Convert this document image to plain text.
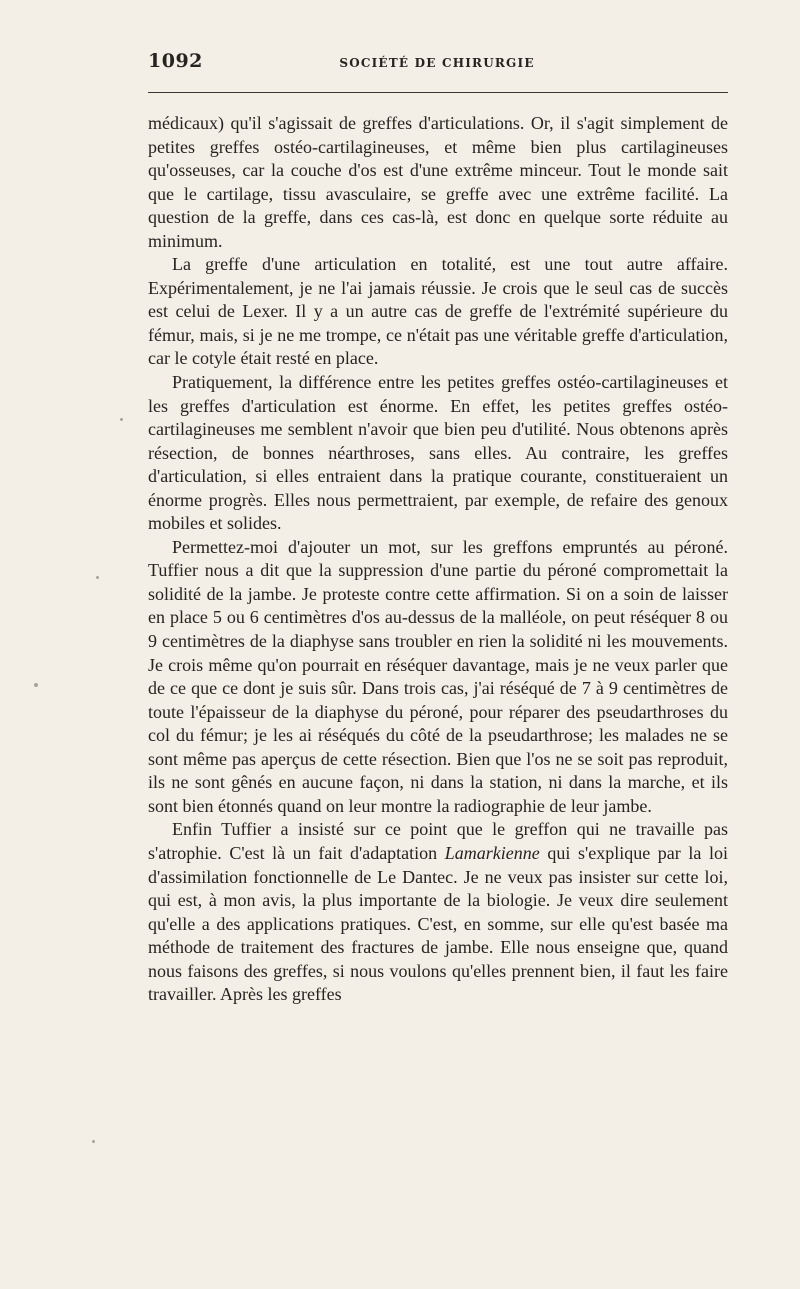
1092	SOCIÉTÉ DE CHIRURGIE

médicaux) qu'il s'agissait de greffes d'articulations. Or, il s'agit simplement de petites greffes ostéo-cartilagineuses, et même bien plus cartilagineuses qu'osseuses, car la couche d'os est d'une extrême minceur. Tout le monde sait que le cartilage, tissu avasculaire, se greffe avec une extrême facilité. La question de la greffe, dans ces cas-là, est donc en quelque sorte réduite au minimum.

La greffe d'une articulation en totalité, est une tout autre affaire. Expérimentalement, je ne l'ai jamais réussie. Je crois que le seul cas de succès est celui de Lexer. Il y a un autre cas de greffe de l'extrémité supérieure du fémur, mais, si je ne me trompe, ce n'était pas une véritable greffe d'articulation, car le cotyle était resté en place.

Pratiquement, la différence entre les petites greffes ostéo-cartilagineuses et les greffes d'articulation est énorme. En effet, les petites greffes ostéo-cartilagineuses me semblent n'avoir que bien peu d'utilité. Nous obtenons après résection, de bonnes néarthroses, sans elles. Au contraire, les greffes d'articulation, si elles entraient dans la pratique courante, constitueraient un énorme progrès. Elles nous permettraient, par exemple, de refaire des genoux mobiles et solides.

Permettez-moi d'ajouter un mot, sur les greffons empruntés au péroné. Tuffier nous a dit que la suppression d'une partie du péroné compromettait la solidité de la jambe. Je proteste contre cette affirmation. Si on a soin de laisser en place 5 ou 6 centimètres d'os au-dessus de la malléole, on peut réséquer 8 ou 9 centimètres de la diaphyse sans troubler en rien la solidité ni les mouvements. Je crois même qu'on pourrait en réséquer davantage, mais je ne veux parler que de ce que ce dont je suis sûr. Dans trois cas, j'ai réséqué de 7 à 9 centimètres de toute l'épaisseur de la diaphyse du péroné, pour réparer des pseudarthroses du col du fémur; je les ai réséqués du côté de la pseudarthrose; les malades ne se sont même pas aperçus de cette résection. Bien que l'os ne se soit pas reproduit, ils ne sont gênés en aucune façon, ni dans la station, ni dans la marche, et ils sont bien étonnés quand on leur montre la radiographie de leur jambe.

Enfin Tuffier a insisté sur ce point que le greffon qui ne travaille pas s'atrophie. C'est là un fait d'adaptation Lamarkienne qui s'explique par la loi d'assimilation fonctionnelle de Le Dantec. Je ne veux pas insister sur cette loi, qui est, à mon avis, la plus importante de la biologie. Je veux dire seulement qu'elle a des applications pratiques. C'est, en somme, sur elle qu'est basée ma méthode de traitement des fractures de jambe. Elle nous enseigne que, quand nous faisons des greffes, si nous voulons qu'elles prennent bien, il faut les faire travailler. Après les greffes
